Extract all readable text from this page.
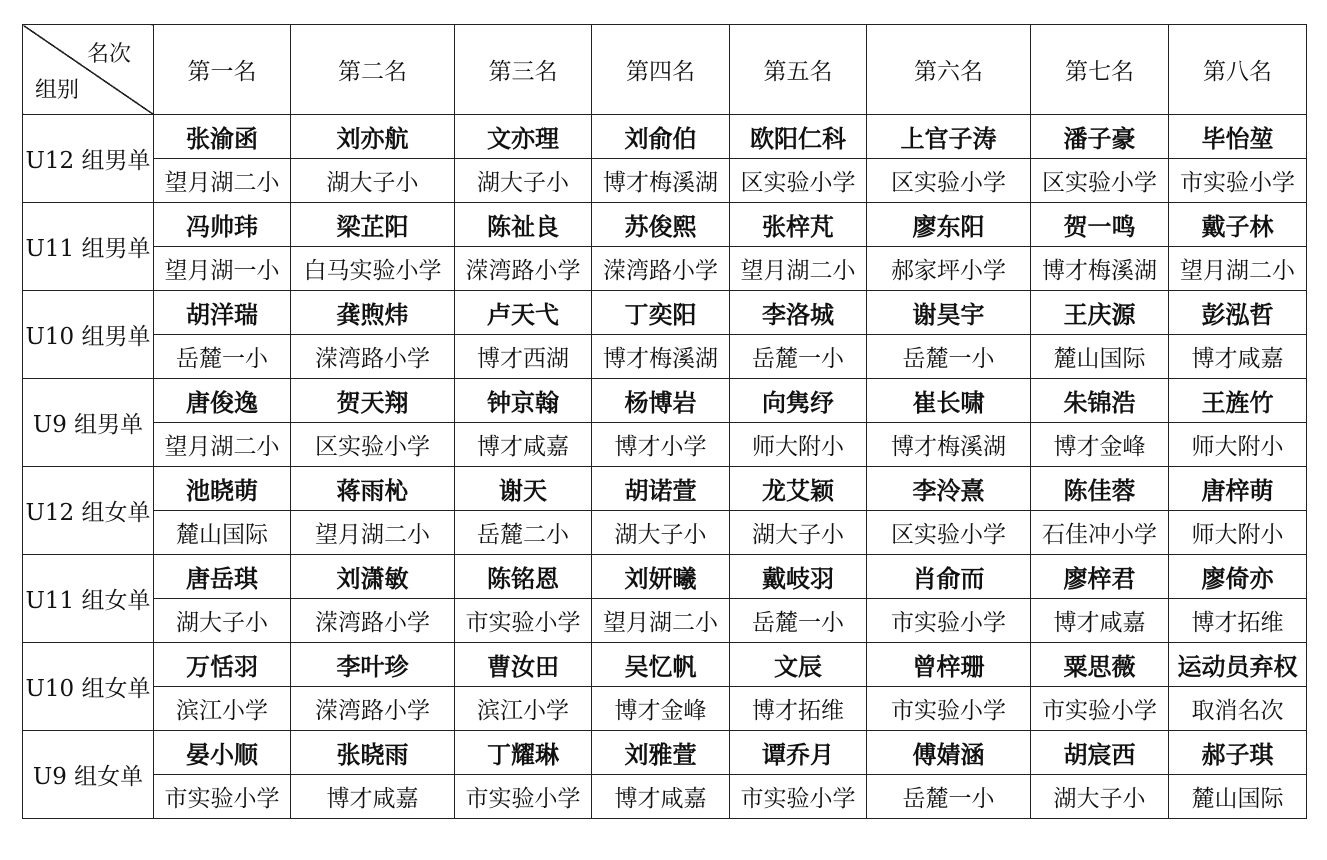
名次
组别	第一名	第二名	第三名	第四名	第五名	第六名	第七名	第八名
U12 组男单	张渝函	刘亦航	文亦理	刘俞伯	欧阳仁科	上官子涛	潘子豪	毕怡堃
	望月湖二小	湖大子小	湖大子小	博才梅溪湖	区实验小学	区实验小学	区实验小学	市实验小学
U11 组男单	冯帅玮	梁芷阳	陈祉良	苏俊熙	张梓芃	廖东阳	贺一鸣	戴子林
	望月湖一小	白马实验小学	溁湾路小学	溁湾路小学	望月湖二小	郝家坪小学	博才梅溪湖	望月湖二小
U10 组男单	胡洋瑞	龚煦炜	卢天弋	丁奕阳	李洛城	谢昊宇	王庆源	彭泓哲
	岳麓一小	溁湾路小学	博才西湖	博才梅溪湖	岳麓一小	岳麓一小	麓山国际	博才咸嘉
U9 组男单	唐俊逸	贺天翔	钟京翰	杨博岩	向隽纾	崔长啸	朱锦浩	王旌竹
	望月湖二小	区实验小学	博才咸嘉	博才小学	师大附小	博才梅溪湖	博才金峰	师大附小
U12 组女单	池晓萌	蒋雨杺	谢天	胡诺萱	龙艾颖	李泠熹	陈佳蓉	唐梓萌
	麓山国际	望月湖二小	岳麓二小	湖大子小	湖大子小	区实验小学	石佳冲小学	师大附小
U11 组女单	唐岳琪	刘潇敏	陈铭恩	刘妍曦	戴岐羽	肖俞而	廖梓君	廖倚亦
	湖大子小	溁湾路小学	市实验小学	望月湖二小	岳麓一小	市实验小学	博才咸嘉	博才拓维
U10 组女单	万恬羽	李叶珍	曹汝田	吴忆帆	文辰	曾梓珊	粟思薇	运动员弃权
	滨江小学	溁湾路小学	滨江小学	博才金峰	博才拓维	市实验小学	市实验小学	取消名次
U9 组女单	晏小顺	张晓雨	丁耀琳	刘雅萱	谭乔月	傅婧涵	胡宸西	郝子琪
	市实验小学	博才咸嘉	市实验小学	博才咸嘉	市实验小学	岳麓一小	湖大子小	麓山国际
